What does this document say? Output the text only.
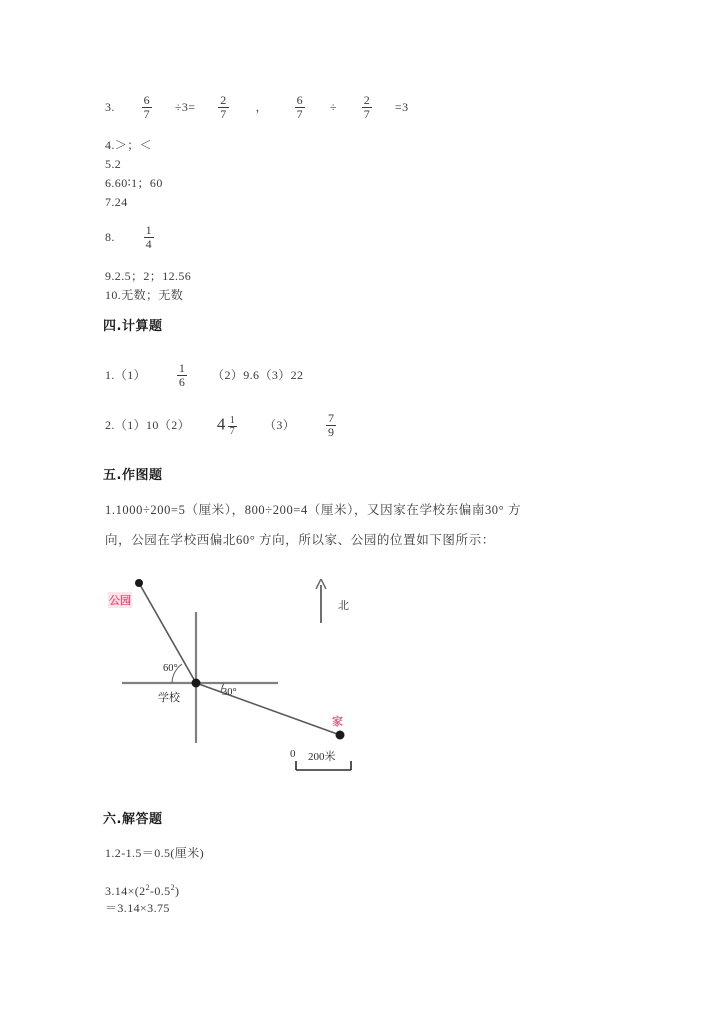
3. $\frac{6}{7} \div 3= \frac{2}{7}$ ， $\frac{6}{7} \div \frac{2}{7} =3$
4.＞；＜
5.2
6.60∶1；60
7.24
8. $\frac{1}{4}$
9.2.5；2；12.56
10.无数；无数
四.计算题
1.（1）	$\frac{1}{6} (2)9.6(3)22$
2.（1）10（2） $4 \frac{1}{7} (3)$	$\frac{7}{9}$
五.作图题
1.1000÷200=5（厘米），800÷200=4（厘米），又因家在学校东偏南30° 方
向，公园在学校西偏北60° 方向，所以家、公园的位置如下图所示：
公园
学校
家
北
60°
30°
0 200米
六.解答题
1.2-1.5＝0.5(厘米)
$3.14\times(2^2-0.5^2)$
＝3.14×3.75
